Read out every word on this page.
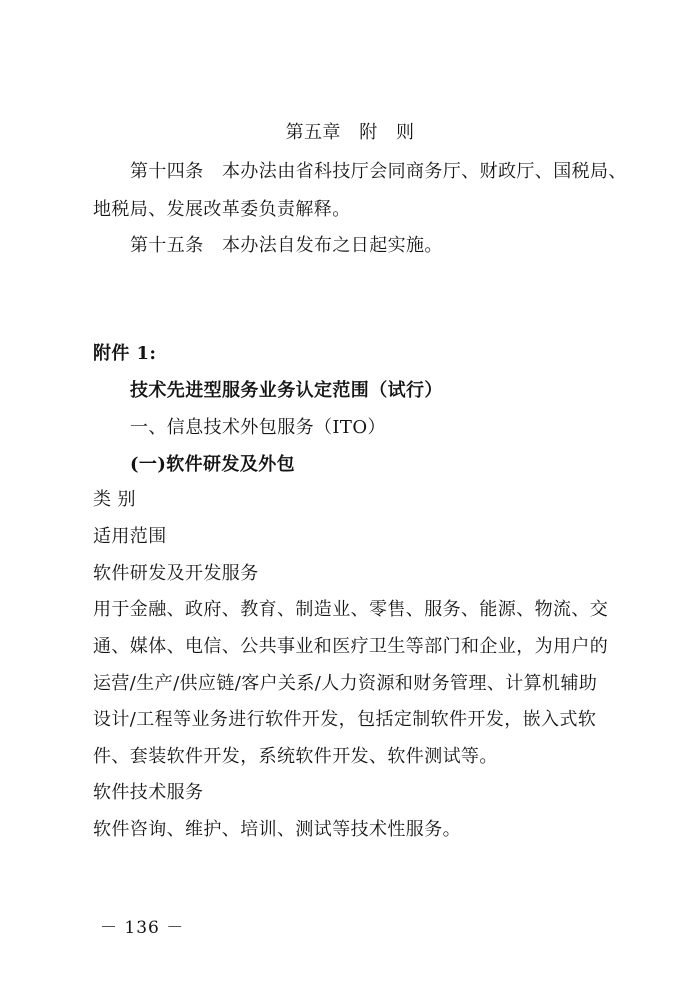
第五章　附　则
第十四条　本办法由省科技厅会同商务厅、财政厅、国税局、
地税局、发展改革委负责解释。
第十五条　本办法自发布之日起实施。
附件 1:
技术先进型服务业务认定范围（试行）
一、信息技术外包服务（ITO）
(一)软件研发及外包
类 别
适用范围
软件研发及开发服务
用于金融、政府、教育、制造业、零售、服务、能源、物流、交
通、媒体、电信、公共事业和医疗卫生等部门和企业，为用户的
运营/生产/供应链/客户关系/人力资源和财务管理、计算机辅助
设计/工程等业务进行软件开发，包括定制软件开发，嵌入式软
件、套装软件开发，系统软件开发、软件测试等。
软件技术服务
软件咨询、维护、培训、测试等技术性服务。
－ 136 －
